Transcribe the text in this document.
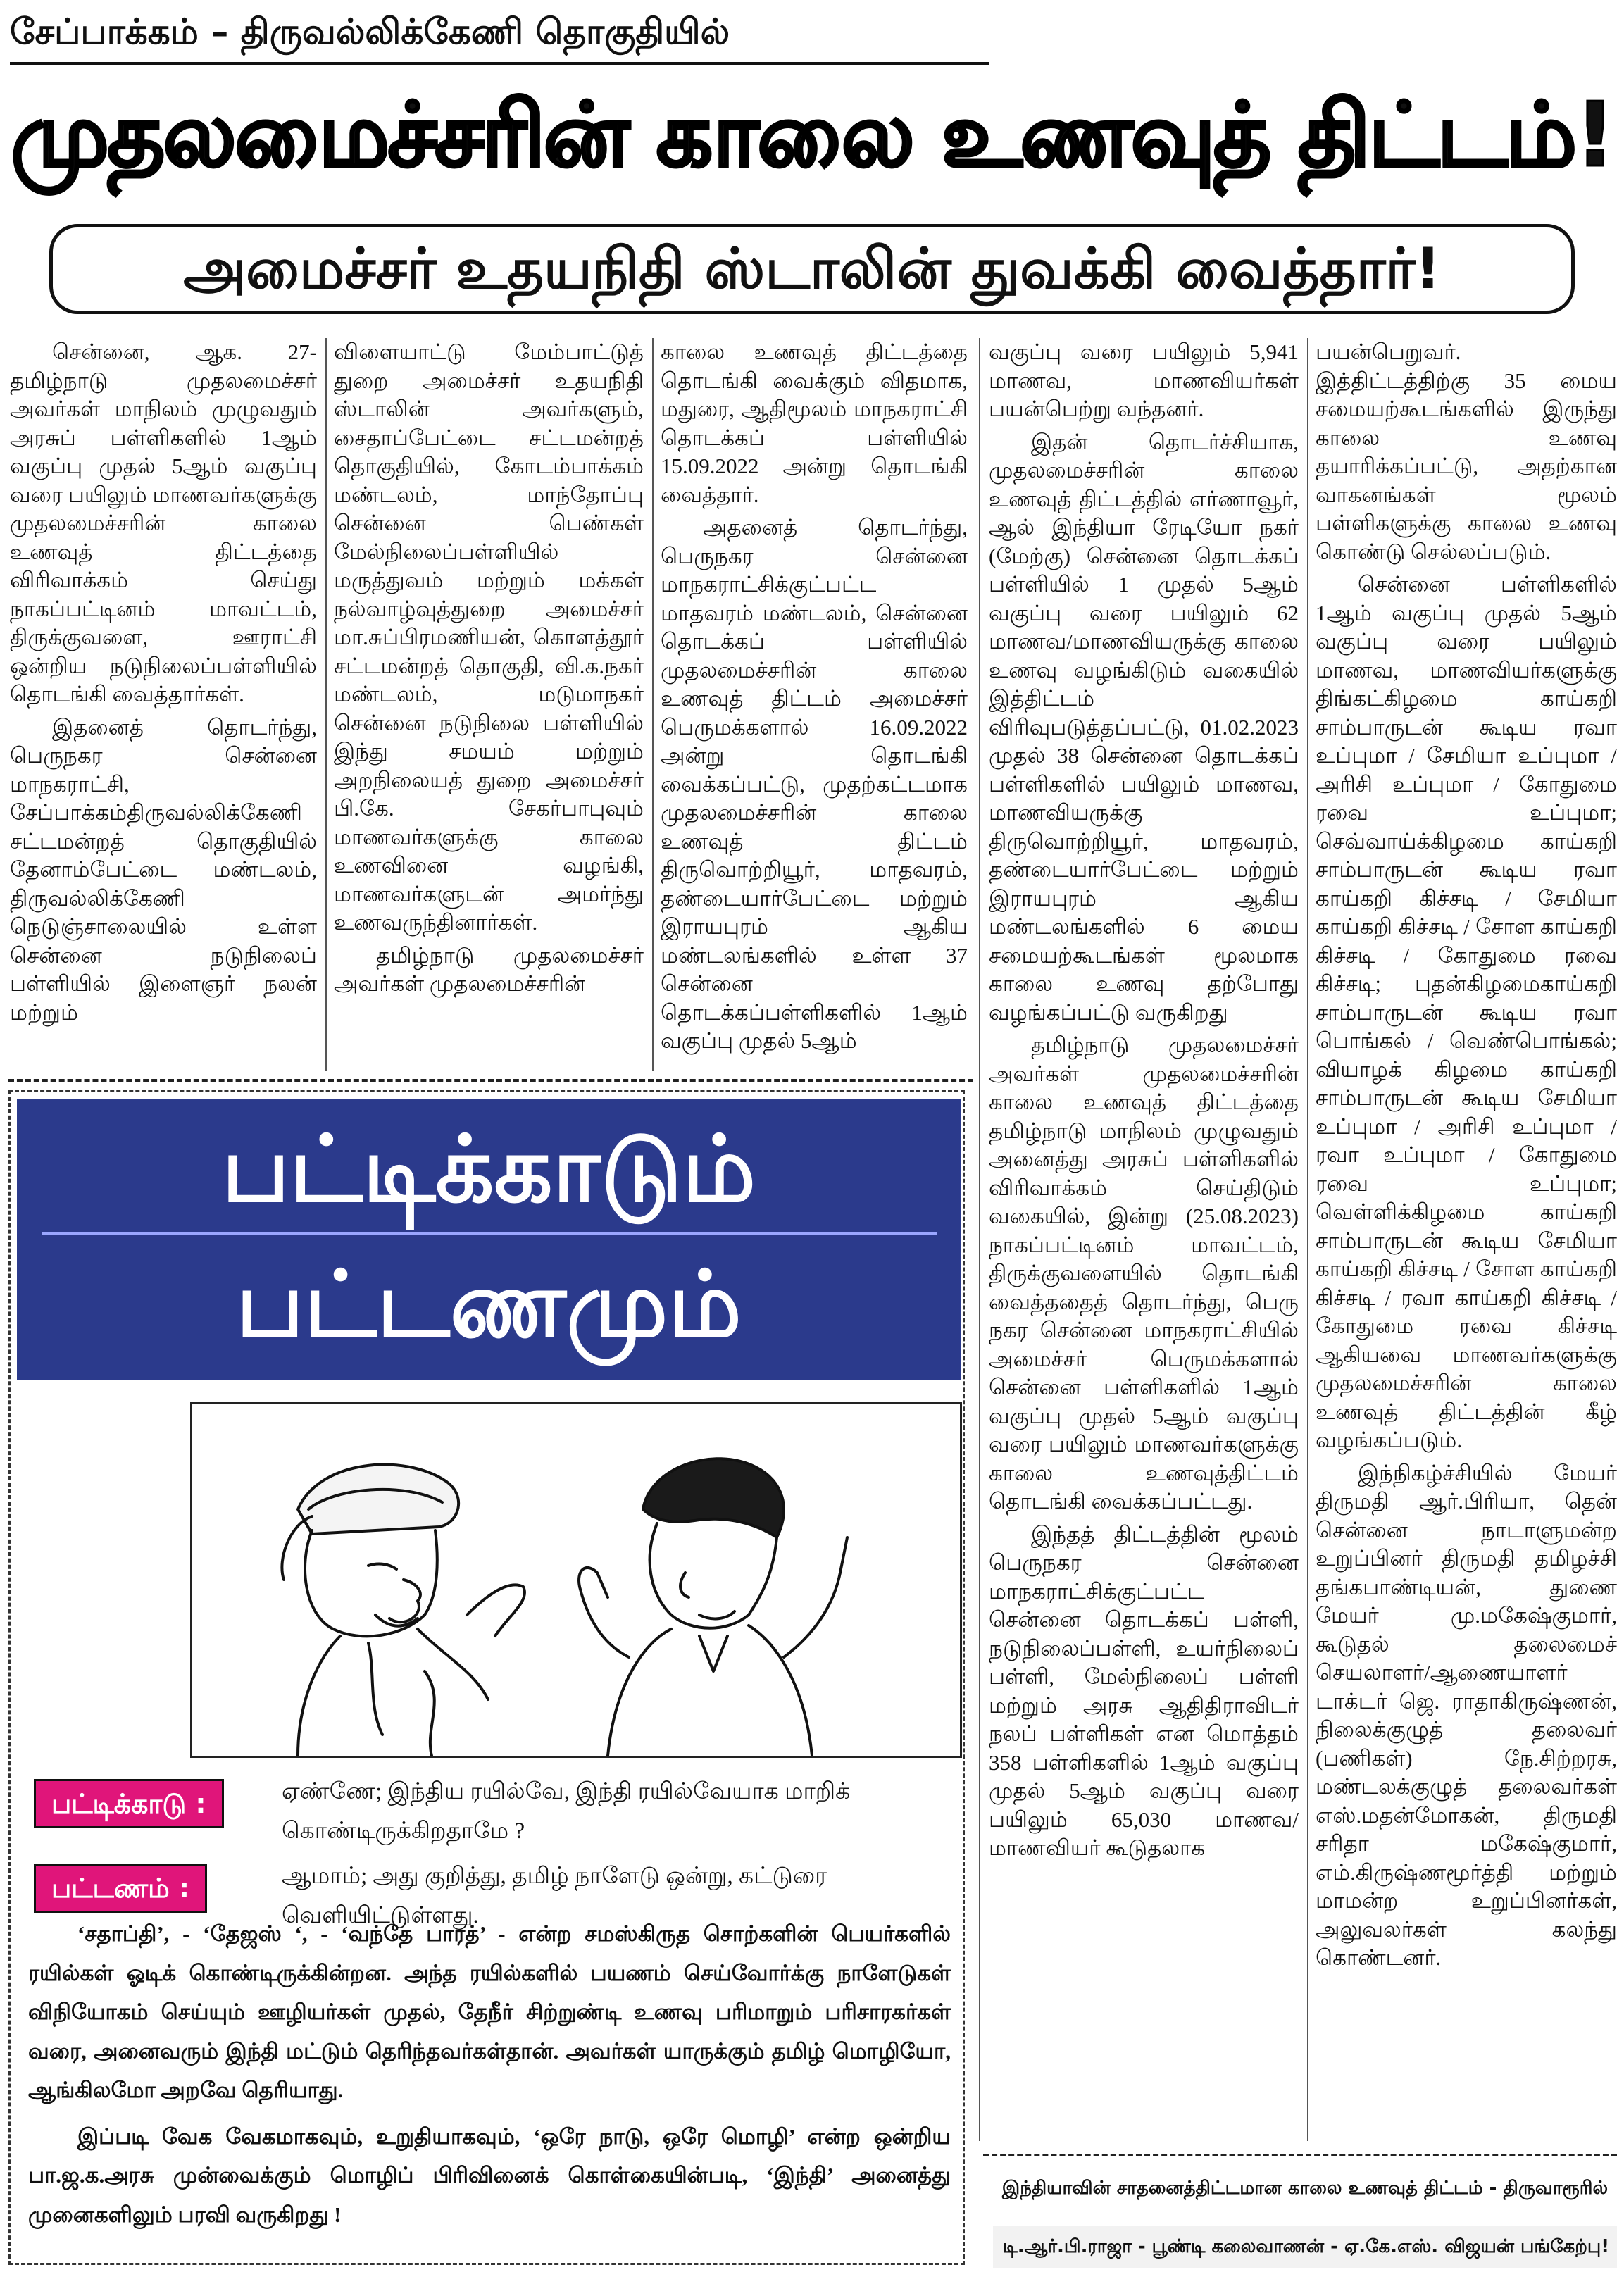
சேப்பாக்கம் – திருவல்லிக்கேணி தொகுதியில்
முதலமைச்சரின் காலை உணவுத் திட்டம்!
அமைச்சர் உதயநிதி ஸ்டாலின் துவக்கி வைத்தார்!

சென்னை, ஆக. 27- தமிழ்நாடு முதலமைச்சர் அவர்கள் மாநிலம் முழுவதும் அரசுப் பள்ளிகளில் 1ஆம் வகுப்பு முதல் 5ஆம் வகுப்பு வரை பயிலும் மாணவர்களுக்கு முதலமைச்சரின் காலை உணவுத் திட்டத்தை விரிவாக்கம் செய்து நாகப்பட்டினம் மாவட்டம், திருக்குவளை, ஊராட்சி ஒன்றிய நடுநிலைப்பள்ளியில் தொடங்கி வைத்தார்கள்.

இதனைத் தொடர்ந்து, பெருநகர சென்னை மாநகராட்சி, சேப்பாக்கம்திருவல்லிக்கேணி சட்டமன்றத் தொகுதியில் தேனாம்பேட்டை மண்டலம், திருவல்லிக்கேணி நெடுஞ்சாலையில் உள்ள சென்னை நடுநிலைப் பள்ளியில் இளைஞர் நலன் மற்றும்

விளையாட்டு மேம்பாட்டுத் துறை அமைச்சர் உதயநிதி ஸ்டாலின் அவர்களும், சைதாப்பேட்டை சட்டமன்றத் தொகுதியில், கோடம்பாக்கம் மண்டலம், மாந்தோப்பு சென்னை பெண்கள் மேல்நிலைப்பள்ளியில் மருத்துவம் மற்றும் மக்கள் நல்வாழ்வுத்துறை அமைச்சர் மா.சுப்பிரமணியன், கொளத்தூர் சட்டமன்றத் தொகுதி, வி.க.நகர் மண்டலம், மடுமாநகர் சென்னை நடுநிலை பள்ளியில் இந்து சமயம் மற்றும் அறநிலையத் துறை அமைச்சர் பி.கே. சேகர்பாபுவும் மாணவர்களுக்கு காலை உணவினை வழங்கி, மாணவர்களுடன் அமர்ந்து உணவருந்தினார்கள்.

தமிழ்நாடு முதலமைச்சர் அவர்கள் முதலமைச்சரின்

காலை உணவுத் திட்டத்தை தொடங்கி வைக்கும் விதமாக, மதுரை, ஆதிமூலம் மாநகராட்சி தொடக்கப் பள்ளியில் 15.09.2022 அன்று தொடங்கி வைத்தார்.

அதனைத் தொடர்ந்து, பெருநகர சென்னை மாநகராட்சிக்குட்பட்ட மாதவரம் மண்டலம், சென்னை தொடக்கப் பள்ளியில் முதலமைச்சரின் காலை உணவுத் திட்டம் அமைச்சர் பெருமக்களால் 16.09.2022 அன்று தொடங்கி வைக்கப்பட்டு, முதற்கட்டமாக முதலமைச்சரின் காலை உணவுத் திட்டம் திருவொற்றியூர், மாதவரம், தண்டையார்பேட்டை மற்றும் இராயபுரம் ஆகிய மண்டலங்களில் உள்ள 37 சென்னை தொடக்கப்பள்ளிகளில் 1ஆம் வகுப்பு முதல் 5ஆம்

வகுப்பு வரை பயிலும் 5,941 மாணவ, மாணவியர்கள் பயன்பெற்று வந்தனர்.

இதன் தொடர்ச்சியாக, முதலமைச்சரின் காலை உணவுத் திட்டத்தில் எர்ணாவூர், ஆல் இந்தியா ரேடியோ நகர் (மேற்கு) சென்னை தொடக்கப் பள்ளியில் 1 முதல் 5ஆம் வகுப்பு வரை பயிலும் 62 மாணவ/மாணவியருக்கு காலை உணவு வழங்கிடும் வகையில் இத்திட்டம் விரிவுபடுத்தப்பட்டு, 01.02.2023 முதல் 38 சென்னை தொடக்கப் பள்ளிகளில் பயிலும் மாணவ, மாணவியருக்கு திருவொற்றியூர், மாதவரம், தண்டையார்பேட்டை மற்றும் இராயபுரம் ஆகிய மண்டலங்களில் 6 மைய சமையற்கூடங்கள் மூலமாக காலை உணவு தற்போது வழங்கப்பட்டு வருகிறது

தமிழ்நாடு முதலமைச்சர் அவர்கள் முதலமைச்சரின் காலை உணவுத் திட்டத்தை தமிழ்நாடு மாநிலம் முழுவதும் அனைத்து அரசுப் பள்ளிகளில் விரிவாக்கம் செய்திடும் வகையில், இன்று (25.08.2023) நாகப்பட்டினம் மாவட்டம், திருக்குவளையில் தொடங்கி வைத்ததைத் தொடர்ந்து, பெரு நகர சென்னை மாநகராட்சியில் அமைச்சர் பெருமக்களால் சென்னை பள்ளிகளில் 1ஆம் வகுப்பு முதல் 5ஆம் வகுப்பு வரை பயிலும் மாணவர்களுக்கு காலை உணவுத்திட்டம் தொடங்கி வைக்கப்பட்டது.

இந்தத் திட்டத்தின் மூலம் பெருநகர சென்னை மாநகராட்சிக்குட்பட்ட சென்னை தொடக்கப் பள்ளி, நடுநிலைப்பள்ளி, உயர்நிலைப் பள்ளி, மேல்நிலைப் பள்ளி மற்றும் அரசு ஆதிதிராவிடர் நலப் பள்ளிகள் என மொத்தம் 358 பள்ளிகளில் 1ஆம் வகுப்பு முதல் 5ஆம் வகுப்பு வரை பயிலும் 65,030 மாணவ/மாணவியர் கூடுதலாக

பயன்பெறுவர். இத்திட்டத்திற்கு 35 மைய சமையற்கூடங்களில் இருந்து காலை உணவு தயாரிக்கப்பட்டு, அதற்கான வாகனங்கள் மூலம் பள்ளிகளுக்கு காலை உணவு கொண்டு செல்லப்படும்.

சென்னை பள்ளிகளில் 1ஆம் வகுப்பு முதல் 5ஆம் வகுப்பு வரை பயிலும் மாணவ, மாணவியர்களுக்கு திங்கட்கிழமை காய்கறி சாம்பாருடன் கூடிய ரவா உப்புமா / சேமியா உப்புமா / அரிசி உப்புமா / கோதுமை ரவை உப்புமா; செவ்வாய்க்கிழமை காய்கறி சாம்பாருடன் கூடிய ரவா காய்கறி கிச்சடி / சேமியா காய்கறி கிச்சடி / சோள காய்கறி கிச்சடி / கோதுமை ரவை கிச்சடி; புதன்கிழமைகாய்கறி சாம்பாருடன் கூடிய ரவா பொங்கல் / வெண்பொங்கல்; வியாழக் கிழமை காய்கறி சாம்பாருடன் கூடிய சேமியா உப்புமா / அரிசி உப்புமா / ரவா உப்புமா / கோதுமை ரவை உப்புமா; வெள்ளிக்கிழமை காய்கறி சாம்பாருடன் கூடிய சேமியா காய்கறி கிச்சடி / சோள காய்கறி கிச்சடி / ரவா காய்கறி கிச்சடி / கோதுமை ரவை கிச்சடி ஆகியவை மாணவர்களுக்கு முதலமைச்சரின் காலை உணவுத் திட்டத்தின் கீழ் வழங்கப்படும்.

இந்நிகழ்ச்சியில் மேயர் திருமதி ஆர்.பிரியா, தென் சென்னை நாடாளுமன்ற உறுப்பினர் திருமதி தமிழச்சி தங்கபாண்டியன், துணை மேயர் மு.மகேஷ்குமார், கூடுதல் தலைமைச் செயலாளர்/ஆணையாளர் டாக்டர் ஜெ. ராதாகிருஷ்ணன், நிலைக்குழுத் தலைவர் (பணிகள்) நே.சிற்றரசு, மண்டலக்குழுத் தலைவர்கள் எஸ்.மதன்மோகன், திருமதி சரிதா மகேஷ்குமார், எம்.கிருஷ்ணமூர்த்தி மற்றும் மாமன்ற உறுப்பினர்கள், அலுவலர்கள் கலந்து கொண்டனர்.

பட்டிக்காடும்
பட்டணமும்
பட்டிக்காடு :	ஏண்ணே; இந்திய ரயில்வே, இந்தி ரயில்வேயாக மாறிக் கொண்டிருக்கிறதாமே ?
பட்டணம் :	ஆமாம்; அது குறித்து, தமிழ் நாளேடு ஒன்று, கட்டுரை வெளியிட்டுள்ளது.

‘சதாப்தி’, - ‘தேஜஸ் ‘, - ‘வந்தே பாரத்’ - என்ற சமஸ்கிருத சொற்களின் பெயர்களில் ரயில்கள் ஓடிக் கொண்டிருக்கின்றன. அந்த ரயில்களில் பயணம் செய்வோர்க்கு நாளேடுகள் விநியோகம் செய்யும் ஊழியர்கள் முதல், தேநீர் சிற்றுண்டி உணவு பரிமாறும் பரிசாரகர்கள் வரை, அனைவரும் இந்தி மட்டும் தெரிந்தவர்கள்தான். அவர்கள் யாருக்கும் தமிழ் மொழியோ, ஆங்கிலமோ அறவே தெரியாது.

இப்படி வேக வேகமாகவும், உறுதியாகவும், ‘ஒரே நாடு, ஒரே மொழி’ என்ற ஒன்றிய பா.ஜ.க.அரசு முன்வைக்கும் மொழிப் பிரிவினைக் கொள்கையின்படி, ‘இந்தி’ அனைத்து முனைகளிலும் பரவி வருகிறது !

இந்தியாவின் சாதனைத்திட்டமான காலை உணவுத் திட்டம் - திருவாரூரில்
டி.ஆர்.பி.ராஜா - பூண்டி கலைவாணன் - ஏ.கே.எஸ். விஜயன் பங்கேற்பு!
